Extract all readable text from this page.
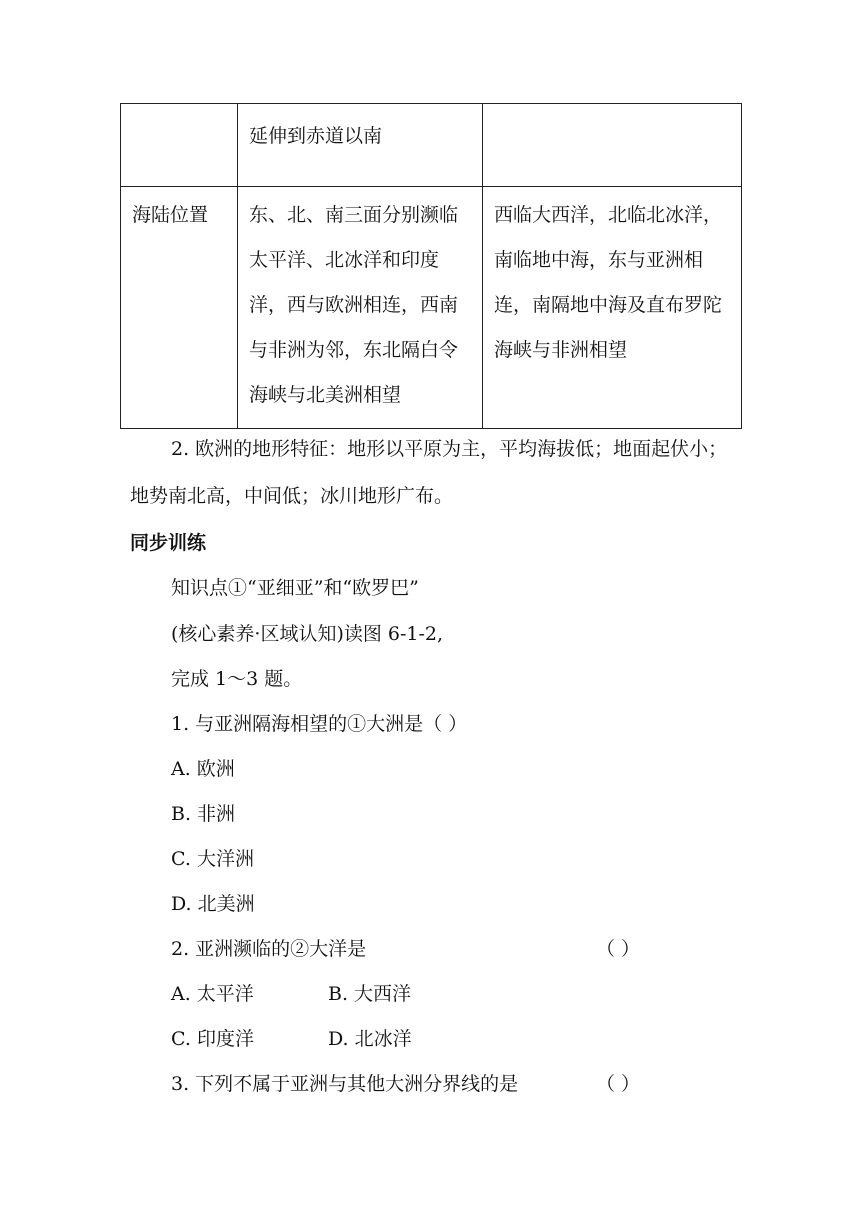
	延伸到赤道以南	
海陆位置	东、北、南三面分别濒临太平洋、北冰洋和印度洋，西与欧洲相连，西南与非洲为邻，东北隔白令海峡与北美洲相望	西临大西洋，北临北冰洋，南临地中海，东与亚洲相连，南隔地中海及直布罗陀海峡与非洲相望

2. 欧洲的地形特征：地形以平原为主，平均海拔低；地面起伏小；地势南北高，中间低；冰川地形广布。

同步训练

知识点①“亚细亚”和“欧罗巴”

(核心素养·区域认知)读图 6-1-2,

完成 1～3 题。

1. 与亚洲隔海相望的①大洲是（ ）

A. 欧洲

B. 非洲

C. 大洋洲

D. 北美洲

2. 亚洲濒临的②大洋是	（ ）

A. 太平洋	B. 大西洋

C. 印度洋	D. 北冰洋

3. 下列不属于亚洲与其他大洲分界线的是	（ ）
